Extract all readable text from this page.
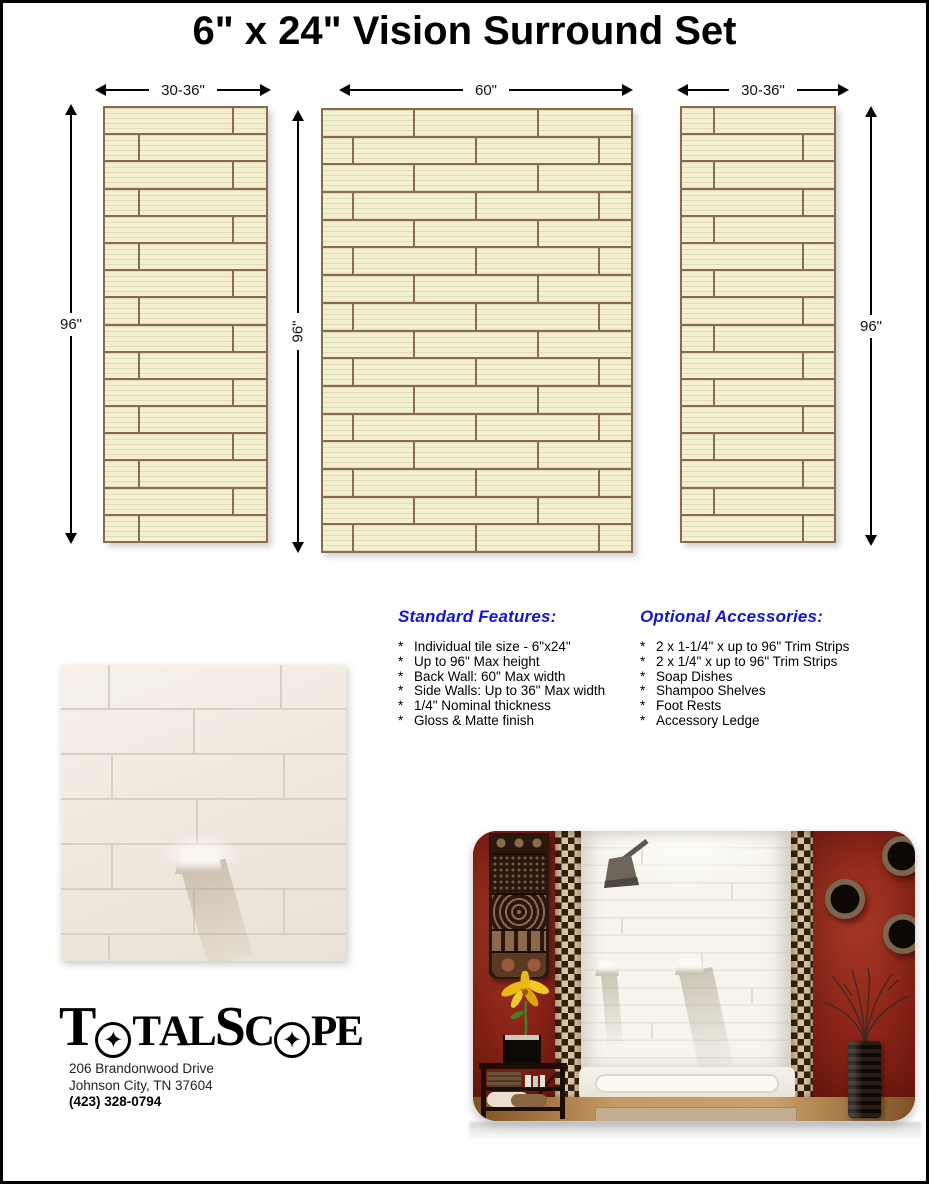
6" x 24" Vision Surround Set
30-36"	60"	30-36"
96"	96"	96"
Standard Features:
* Individual tile size - 6"x24"
* Up to 96" Max height
* Back Wall: 60" Max width
* Side Walls: Up to 36" Max width
* 1/4" Nominal thickness
* Gloss & Matte finish
Optional Accessories:
* 2 x 1-1/4" x up to 96" Trim Strips
* 2 x 1/4" x up to 96" Trim Strips
* Soap Dishes
* Shampoo Shelves
* Foot Rests
* Accessory Ledge
T ✦ T A L S C ✦ P E
206 Brandonwood Drive
Johnson City, TN 37604
(423) 328-0794
